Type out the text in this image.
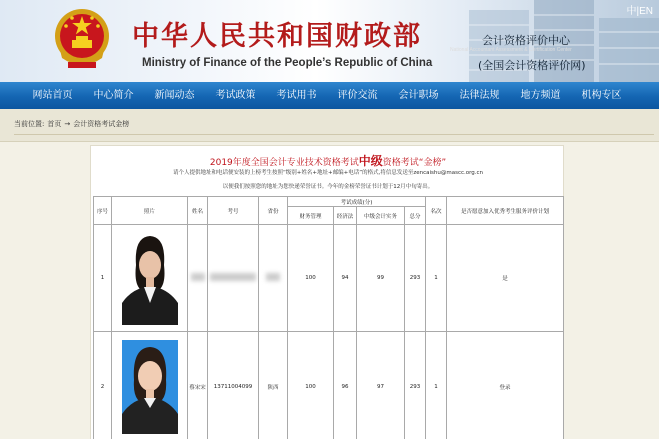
中华人民共和国财政部
Ministry of Finance of the People’s Republic of China
会计资格评价中心
National Accountant Assessment & Certification Center
(全国会计资格评价网)
中|EN
网站首页	中心简介	新闻动态	考试政策	考试用书	评价交流	会计职场	法律法规	地方频道	机构专区
当前位置: 首页 → 会计资格考试金榜
2019年度全国会计专业技术资格考试中级资格考试“金榜”
请个人提供地址和电话便安装的上榜考生按照“级别+姓名+地址+邮编+电话”的格式,将信息发送至zencaishu@mascc.org.cn
以便我们按照您的地址为您快递荣誉证书。今年的金榜荣誉证书计划于12月中旬寄出。
序号	照片	姓名	考号	省份	考试成绩(分)				名次	是否愿意加入优秀考生服务评价计划
					财务管理	经济法	中级会计实务	总分		
1					100	94	99	293	1	是
2		蔡宋宋	13711004099	陕西	100	96	97	293	1	登录
